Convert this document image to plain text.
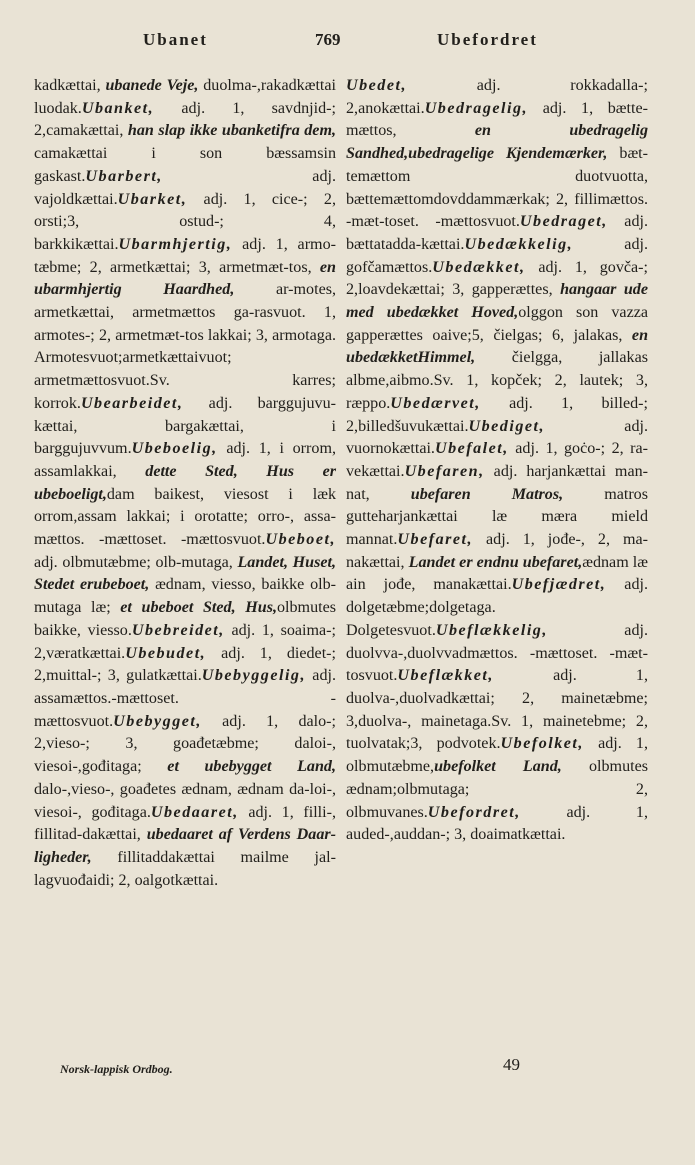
Ubanet	769	Ubefordret
kadkættai, ubanede Veje, duolma-,rakadkættai luodak.Ubanket, adj. 1, savdnjid-; 2,camakættai, han slap ikke ubanketifra dem, camakættai i son bæssamsin gaskast.Ubarbert, adj. vajoldkættai.Ubarket, adj. 1, cice-; 2, orsti;3, ostud-; 4, barkkikættai.Ubarmhjertig, adj. 1, armo-tæbme; 2, armetkættai; 3, armetmæt-tos, en ubarmhjertig Haardhed, ar-motes, armetkættai, armetmættos ga-rasvuot. 1, armotes-; 2, armetmæt-tos lakkai; 3, armotaga. Armotesvuot;armetkættaivuot; armetmættosvuot.Sv. karres; korrok.Ubearbeidet, adj. barggujuvu-kættai, bargakættai, i barggujuvvum.Ubeboelig, adj. 1, i orrom, assamlakkai, dette Sted, Hus er ubeboeligt,dam baikest, viesost i læk orrom,assam lakkai; i orotatte; orro-, assa-mættos. -mættoset. -mættosvuot.Ubeboet, adj. olbmutæbme; olb-mutaga, Landet, Huset, Stedet erubeboet, ædnam, viesso, baikke olb-mutaga læ; et ubeboet Sted, Hus,olbmutes baikke, viesso.Ubebreidet, adj. 1, soaima-; 2,væratkættai.Ubebudet, adj. 1, diedet-; 2,muittal-; 3, gulatkættai.Ubebyggelig, adj. assamættos.-mættoset. -mættosvuot.Ubebygget, adj. 1, dalo-; 2,vieso-; 3, goađetæbme; daloi-, viesoi-,gođitaga; et ubebygget Land, dalo-,vieso-, goađetes ædnam, ædnam da-loi-, viesoi-, gođitaga.Ubedaaret, adj. 1, filli-, fillitad-dakættai, ubedaaret af Verdens Daar-ligheder, fillitaddakættai mailme jal-lagvuođaidi; 2, oalgotkættai.
Ubedet, adj. rokkadalla-; 2,anokættai.Ubedragelig, adj. 1, bætte-mættos, en ubedragelig Sandhed,ubedragelige Kjendemærker, bæt-temættom duotvuotta, bættemættomdovddammærkak; 2, fillimættos. -mæt-toset. -mættosvuot.Ubedraget, adj. bættatadda-kættai.Ubedækkelig, adj. gofčamættos.Ubedækket, adj. 1, govča-; 2,loavdekættai; 3, gapperættes, hangaar ude med ubedækket Hoved,olggon son vazza gapperættes oaive;5, čielgas; 6, jalakas, en ubedækketHimmel, čielgga, jallakas albme,aibmo.Sv. 1, kopček; 2, lautek; 3, ræppo.Ubedærvet, adj. 1, billed-; 2,billedšuvukættai.Ubediget, adj. vuornokættai.Ubefalet, adj. 1, goċo-; 2, ra-vekættai.Ubefaren, adj. harjankættai man-nat, ubefaren Matros, matros gutteharjankættai læ mæra mield mannat.Ubefaret, adj. 1, jođe-, 2, ma-nakættai, Landet er endnu ubefaret,ædnam læ ain jođe, manakættai.Ubefjædret, adj. dolgetæbme;dolgetaga. Dolgetesvuot.Ubeflækkelig, adj. duolvva-,duolvvadmættos. -mættoset. -mæt-tosvuot.Ubeflækket, adj. 1, duolva-,duolvadkættai; 2, mainetæbme; 3,duolva-, mainetaga.Sv. 1, mainetebme; 2, tuolvatak;3, podvotek.Ubefolket, adj. 1, olbmutæbme,ubefolket Land, olbmutes ædnam;olbmutaga; 2, olbmuvanes.Ubefordret, adj. 1, auded-,auddan-; 3, doaimatkættai.
Norsk-lappisk Ordbog.	49
